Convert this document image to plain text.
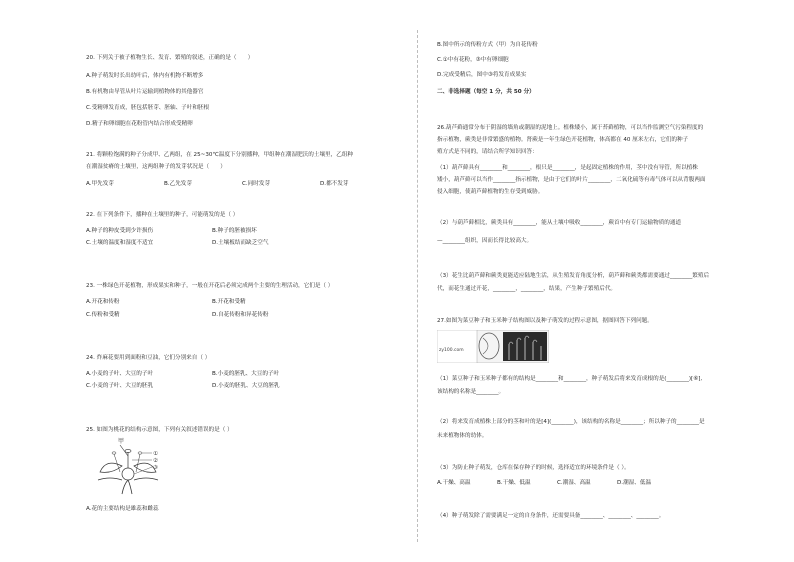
20. 下列关于被子植物生长、发育、繁殖的叙述，正确的是（　　）
A.种子萌发时长出幼叶后，体内有机物不断增多
B.有机物由导管从叶片运输到植物体的其他器官
C.受精卵发育成，胚包括胚芽、胚轴、子叶和胚根
D.精子和卵细胞在花粉管内结合形成受精卵
21. 将颗粒饱满的种子分成甲、乙两组，在 25~30℃温度下分别播种，甲组种在潮湿肥沃的土壤里，乙组种
在潮湿贫瘠的土壤里，这两组种子的发芽状况是（　　）
A.甲先发芽	B.乙先发芽	C.同时发芽	D.都不发芽
22. 在下列条件下，播种在土壤里的种子，可能萌发的是（ ）
A.种子的种皮受到少许损伤	B.种子的胚被损坏
C.土壤的温度和湿度不适宜	D.土壤板结而缺乏空气
23. 一株绿色开花植物，形成果实和种子，一般在开花后必须完成两个主要的生理活动，它们是（ ）
A.开花和传粉	B.开花和受精
C.传粉和受精	D.自花传粉和异花传粉
24. 炸麻花要用到面粉和豆油，它们分别来自（ ）
A.小麦的子叶、大豆的子叶	B.小麦的胚乳、大豆的子叶
C.小麦的子叶、大豆的胚乳	D.小麦的胚乳、大豆的胚乳
25. 如图为桃花的结构示意图，下列有关叙述错误的是（ ）
甲
①
②
③
A.花的主要结构是雄蕊和雌蕊
B.图中所示的传粉方式（甲）为自花传粉
C.①中有花粉，③中有卵细胞
D.完成受精后，图中③将发育成果实
二、非选择题（每空 1 分，共 50 分）
26.葫芦藓通常分布于阴湿的墙角或潮湿的泥地上。植株矮小，属于苔藓植物，可以当作监测空气污染程度的
指示植物，蕨类是非常繁盛的植物。肾蕨是一年生绿色开花植物，体高都在 40 厘米左右，它们的种子
殖方式是不同的，请结合所学知识回答：
（1）葫芦藓具有________和________，根只是________，是起固定植株的作用，茎中没有导管，所以植株
矮小，葫芦藓可以当作________指示植物，是由于它们的叶片________，二氧化硫等有毒气体可以从背腹两面
侵入细胞，使葫芦藓植物的生存受到威胁。
（2）与葫芦藓相比，蕨类具有________，能从土壤中吸收________，蕨首中有专门运输物质的通道
—________组织，因而长得比较高大。
（3）花生比葫芦藓和蕨类更能适应陆地生活，从生殖发育角度分析，葫芦藓和蕨类都需要通过________繁殖后
代，而花生通过开花，________，________，结果，产生种子繁殖后代。
27.如图为菜豆种子和玉米种子结构图以及种子萌发的过程示意图，据图回答下列问题。
zy100.com
（1）菜豆种子和玉米种子都有的结构是________和________，种子萌发后将来发育成根的是(________)[⑥],
该结构的名称是________。
（2）将来发育成植株上部分的茎和叶的是[4](________)，该结构的名称是________；所以种子的________是
未来植物体的幼体。
（3）为防止种子萌发，仓库在保存种子的时候，选择适宜的环境条件是（ ）。
A.干燥、高温	B.干燥、低温	C.潮湿、高温	D.潮湿、低温
（4）种子萌发除了需要满足一定的自身条件，还需要具备________、________、________。
